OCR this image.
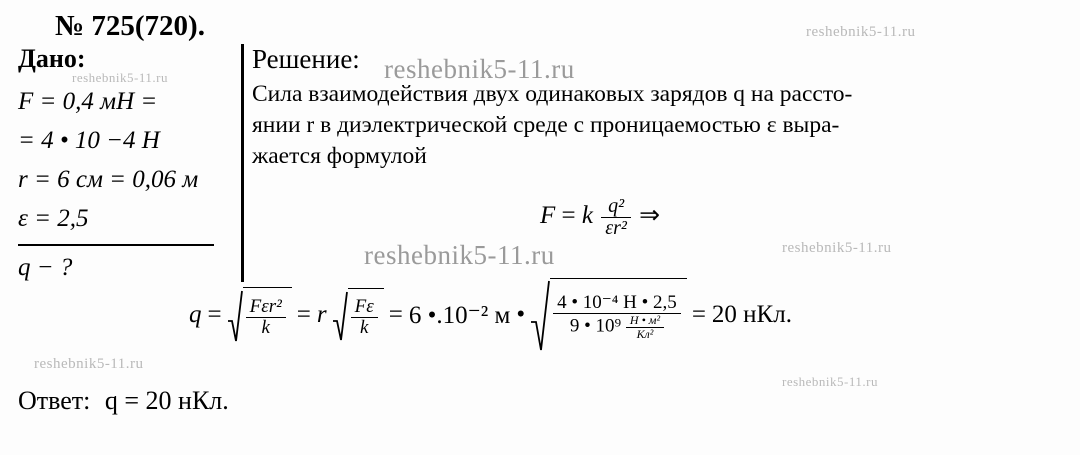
reshebnik5-11.ru
reshebnik5-11.ru	reshebnik5-11.ru
reshebnik5-11.ru	reshebnik5-11.ru
reshebnik5-11.ru
reshebnik5-11.ru
№ 725(720).
Дано:
F = 0,4 мН =
= 4 • 10 −4 Н
r = 6 см = 0,06 м
ε = 2,5
q − ?
Решение:
Сила взаимодействия двух одинаковых зарядов q на рассто-
янии r в диэлектрической среде с проницаемостью ε выра-
жается формулой
F = k $\frac{\text{q²}}{\text{εr²}}$ ⇒
$q = \frac{\text{Fεr²}}{k} = r \frac{F\varepsilon}{k} = 6$ •.10⁻² м • $\frac{\text{4 • 10⁻⁴ Н • 2,5}}{9 • 10^9 \frac{\text{Н • м²}}{\text{Кл²}}} = 20$ нКл.
Ответ: q = 20 нКл.
